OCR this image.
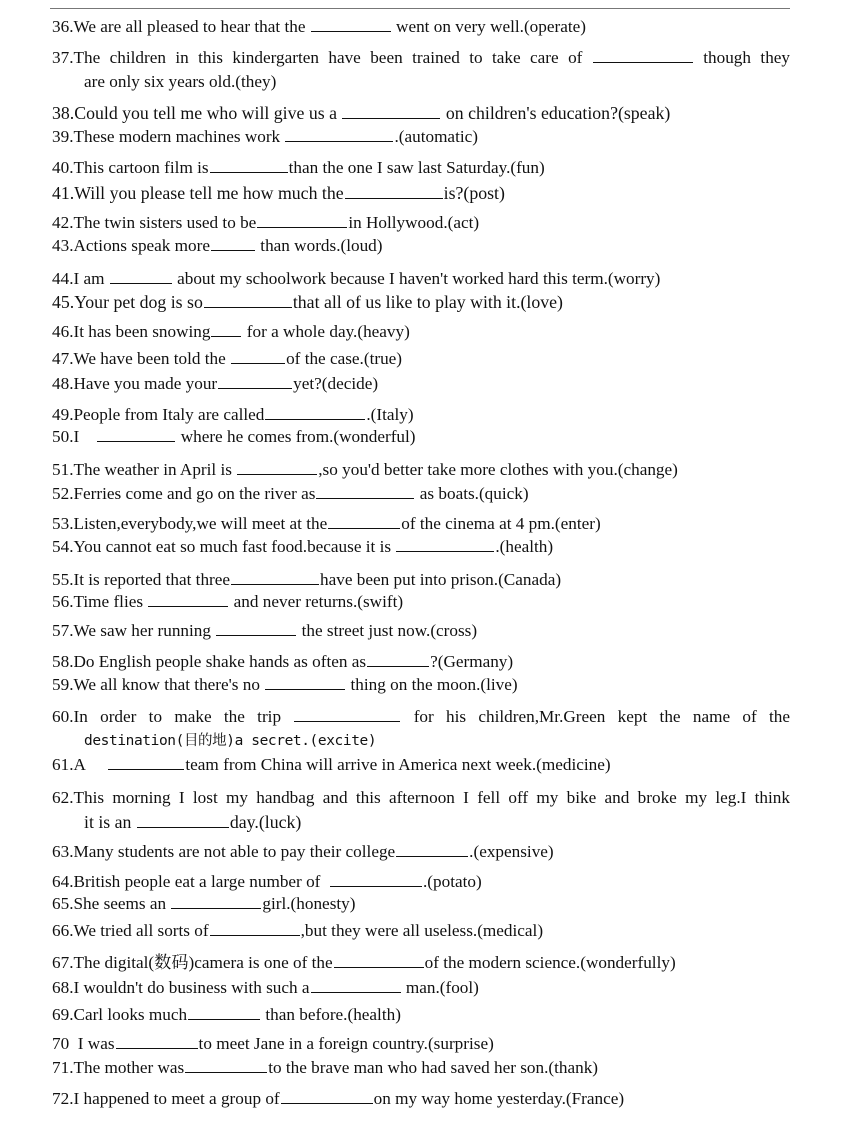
36.We are all pleased to hear that the	went on very well.(operate)
37.The children in this kindergarten have been trained to take care of	though they
are only six years old.(they)
38.Could you tell me who will give us a	on children's education?(speak)
39.These modern machines work	.(automatic)
40.This cartoon film is	than the one I saw last Saturday.(fun)
41.Will you please tell me how much the	is?(post)
42.The twin sisters used to be	in Hollywood.(act)
43.Actions speak more	than words.(loud)
44.I am	about my schoolwork because I haven't worked hard this term.(worry)
45.Your pet dog is so	that all of us like to play with it.(love)
46.It has been snowing for a whole day.(heavy)
47.We have been told the	of the case.(true)
48.Have you made your	yet?(decide)
49.People from Italy are called	.(Italy)
50.I	where he comes from.(wonderful)
51.The weather in April is	,so you'd better take more clothes with you.(change)
52.Ferries come and go on the river as	as boats.(quick)
53.Listen,everybody,we will meet at the	of the cinema at 4 pm.(enter)
54.You cannot eat so much fast food.because it is	.(health)
55.It is reported that three	have been put into prison.(Canada)
56.Time flies	and never returns.(swift)
57.We saw her running	the street just now.(cross)
58.Do English people shake hands as often as	?(Germany)
59.We all know that there's no	thing on the moon.(live)
60.In order to make the trip	for his children,Mr.Green kept the name of the
destination(目的地)a secret.(excite)
61.A	team from China will arrive in America next week.(medicine)
62.This morning I lost my handbag and this afternoon I fell off my bike and broke my leg.I think
it is an	day.(luck)
63.Many students are not able to pay their college	.(expensive)
64.British people eat a large number of	.(potato)
65.She seems an	girl.(honesty)
66.We tried all sorts of	,but they were all useless.(medical)
67.The digital(数码)camera is one of the	of the modern science.(wonderfully)
68.I wouldn't do business with such a	man.(fool)
69.Carl looks much	than before.(health)
70 I was	to meet Jane in a foreign country.(surprise)
71.The mother was	to the brave man who had saved her son.(thank)
72.I happened to meet a group of	on my way home yesterday.(France)
